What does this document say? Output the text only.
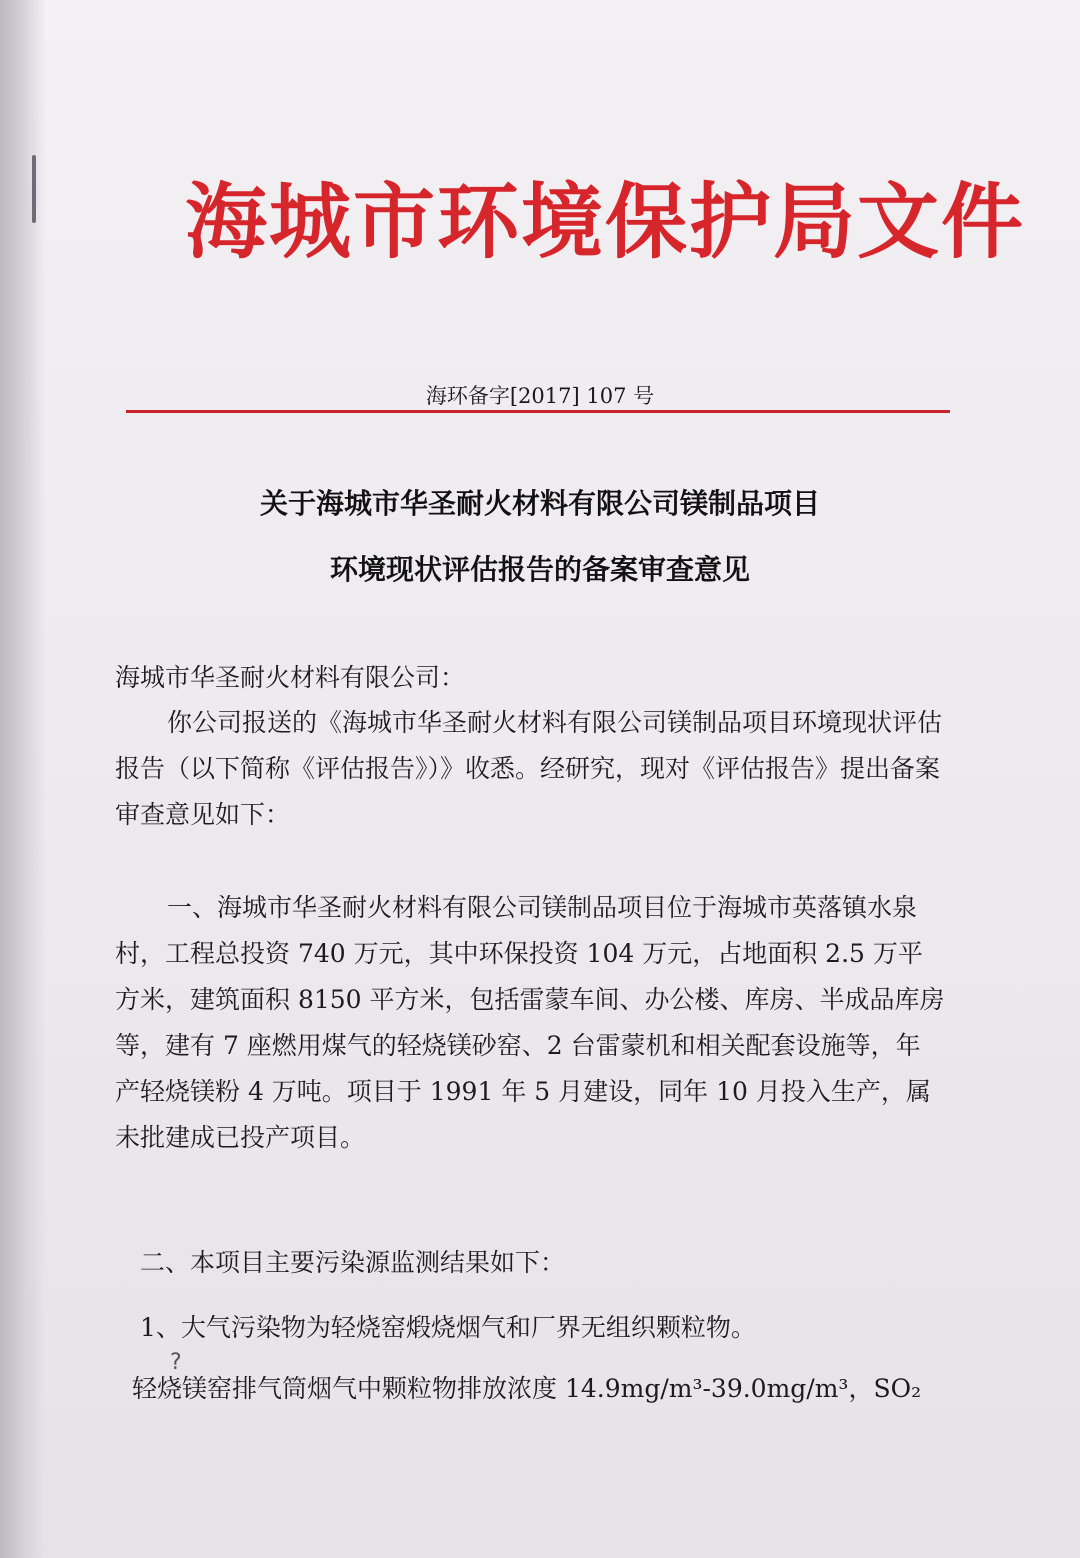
海城市环境保护局文件
海环备字[2017] 107 号
关于海城市华圣耐火材料有限公司镁制品项目
环境现状评估报告的备案审查意见
海城市华圣耐火材料有限公司：
你公司报送的《海城市华圣耐火材料有限公司镁制品项目环境现状评估报告（以下简称《评估报告》）》收悉。经研究，现对《评估报告》提出备案审查意见如下：
一、海城市华圣耐火材料有限公司镁制品项目位于海城市英落镇水泉村，工程总投资 740 万元，其中环保投资 104 万元，占地面积 2.5 万平方米，建筑面积 8150 平方米，包括雷蒙车间、办公楼、库房、半成品库房等，建有 7 座燃用煤气的轻烧镁砂窑、2 台雷蒙机和相关配套设施等，年产轻烧镁粉 4 万吨。项目于 1991 年 5 月建设，同年 10 月投入生产，属未批建成已投产项目。
二、本项目主要污染源监测结果如下：
1、大气污染物为轻烧窑煅烧烟气和厂界无组织颗粒物。
?
轻烧镁窑排气筒烟气中颗粒物排放浓度 14.9mg/m³-39.0mg/m³，SO₂
